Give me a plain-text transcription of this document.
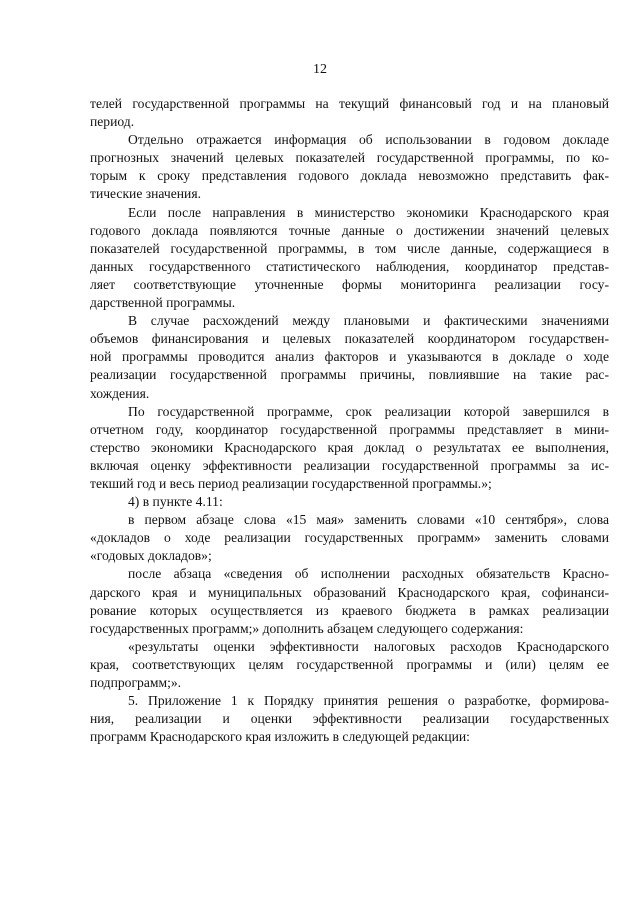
12
телей государственной программы на текущий финансовый год и на плановый
период.
Отдельно отражается информация об использовании в годовом докладе
прогнозных значений целевых показателей государственной программы, по ко-
торым к сроку представления годового доклада невозможно представить фак-
тические значения.
Если после направления в министерство экономики Краснодарского края
годового доклада появляются точные данные о достижении значений целевых
показателей государственной программы, в том числе данные, содержащиеся в
данных государственного статистического наблюдения, координатор представ-
ляет соответствующие уточненные формы мониторинга реализации госу-
дарственной программы.
В случае расхождений между плановыми и фактическими значениями
объемов финансирования и целевых показателей координатором государствен-
ной программы проводится анализ факторов и указываются в докладе о ходе
реализации государственной программы причины, повлиявшие на такие рас-
хождения.
По государственной программе, срок реализации которой завершился в
отчетном году, координатор государственной программы представляет в мини-
стерство экономики Краснодарского края доклад о результатах ее выполнения,
включая оценку эффективности реализации государственной программы за ис-
текший год и весь период реализации государственной программы.»;
4) в пункте 4.11:
в первом абзаце слова «15 мая» заменить словами «10 сентября», слова
«докладов о ходе реализации государственных программ» заменить словами
«годовых докладов»;
после абзаца «сведения об исполнении расходных обязательств Красно-
дарского края и муниципальных образований Краснодарского края, софинанси-
рование которых осуществляется из краевого бюджета в рамках реализации
государственных программ;» дополнить абзацем следующего содержания:
«результаты оценки эффективности налоговых расходов Краснодарского
края, соответствующих целям государственной программы и (или) целям ее
подпрограмм;».
5. Приложение 1 к Порядку принятия решения о разработке, формирова-
ния, реализации и оценки эффективности реализации государственных
программ Краснодарского края изложить в следующей редакции:
